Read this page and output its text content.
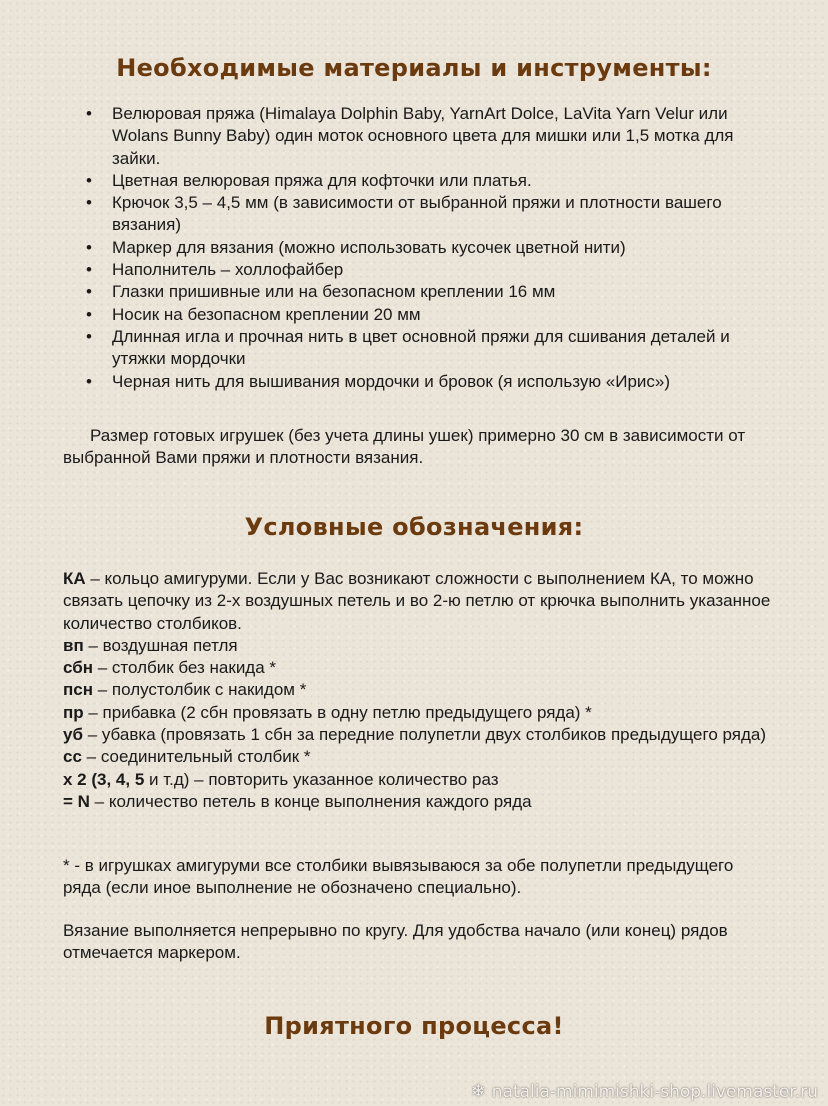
Необходимые материалы и инструменты:
• Велюровая пряжа (Himalaya Dolphin Baby, YarnArt Dolce, LaVita Yarn Velur или Wolans Bunny Baby) один моток основного цвета для мишки или 1,5 мотка для зайки.
• Цветная велюровая пряжа для кофточки или платья.
• Крючок 3,5 – 4,5 мм (в зависимости от выбранной пряжи и плотности вашего вязания)
• Маркер для вязания (можно использовать кусочек цветной нити)
• Наполнитель – холлофайбер
• Глазки пришивные или на безопасном креплении 16 мм
• Носик на безопасном креплении 20 мм
• Длинная игла и прочная нить в цвет основной пряжи для сшивания деталей и утяжки мордочки
• Черная нить для вышивания мордочки и бровок (я использую «Ирис»)

Размер готовых игрушек (без учета длины ушек) примерно 30 см в зависимости от выбранной Вами пряжи и плотности вязания.

Условные обозначения:
КА – кольцо амигуруми. Если у Вас возникают сложности с выполнением КА, то можно связать цепочку из 2-х воздушных петель и во 2-ю петлю от крючка выполнить указанное количество столбиков.
вп – воздушная петля
сбн – столбик без накида *
псн – полустолбик с накидом *
пр – прибавка (2 сбн провязать в одну петлю предыдущего ряда) *
уб – убавка (провязать 1 сбн за передние полупетли двух столбиков предыдущего ряда)
сс – соединительный столбик *
x 2 (3, 4, 5 и т.д) – повторить указанное количество раз
= N – количество петель в конце выполнения каждого ряда

* - в игрушках амигуруми все столбики вывязываюся за обе полупетли предыдущего ряда (если иное выполнение не обозначено специально).

Вязание выполняется непрерывно по кругу. Для удобства начало (или конец) рядов отмечается маркером.

Приятного процесса!
❄ natalia-mimimishki-shop.livemaster.ru
